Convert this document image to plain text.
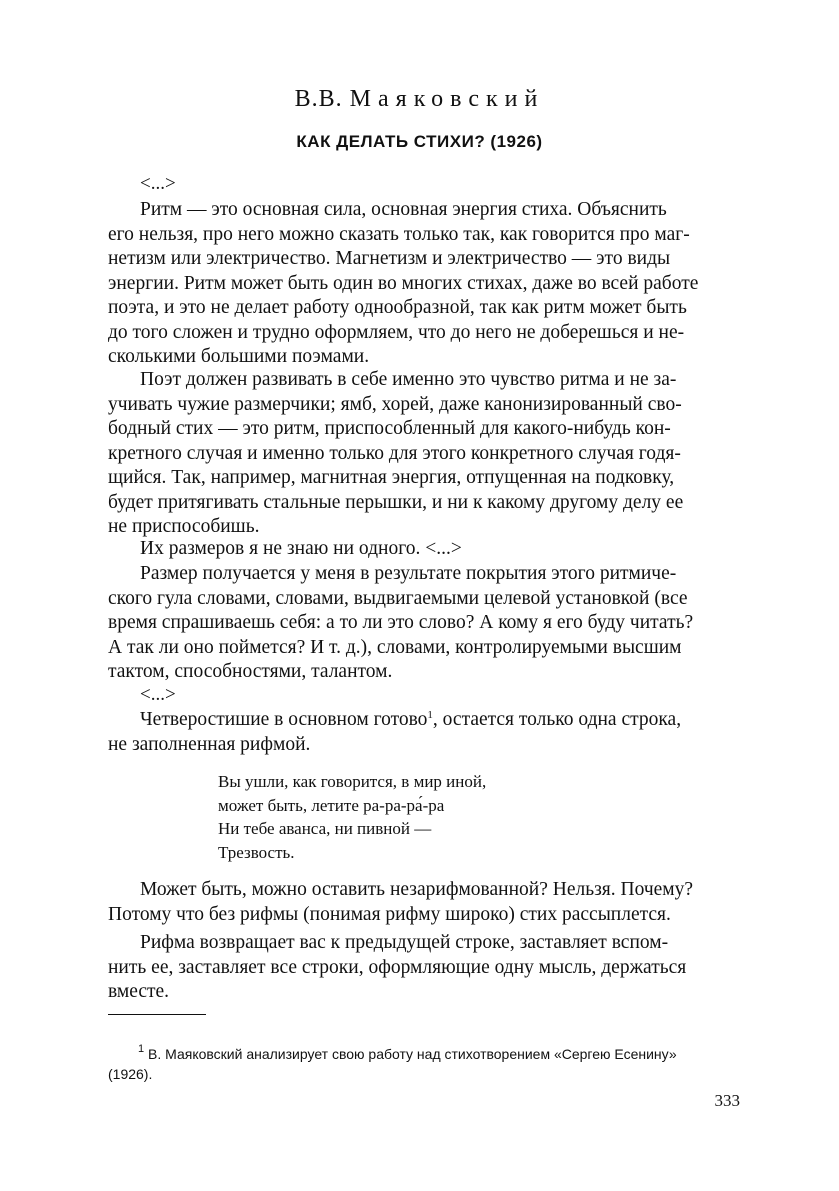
В.В. Маяковский
КАК ДЕЛАТЬ СТИХИ? (1926)
<...>
Ритм — это основная сила, основная энергия стиха. Объяснить
его нельзя, про него можно сказать только так, как говорится про маг-
нетизм или электричество. Магнетизм и электричество — это виды
энергии. Ритм может быть один во многих стихах, даже во всей работе
поэта, и это не делает работу однообразной, так как ритм может быть
до того сложен и трудно оформляем, что до него не доберешься и не-
сколькими большими поэмами.
Поэт должен развивать в себе именно это чувство ритма и не за-
учивать чужие размерчики; ямб, хорей, даже канонизированный сво-
бодный стих — это ритм, приспособленный для какого-нибудь кон-
кретного случая и именно только для этого конкретного случая годя-
щийся. Так, например, магнитная энергия, отпущенная на подковку,
будет притягивать стальные перышки, и ни к какому другому делу ее
не приспособишь.
Их размеров я не знаю ни одного. <...>
Размер получается у меня в результате покрытия этого ритмиче-
ского гула словами, словами, выдвигаемыми целевой установкой (все
время спрашиваешь себя: а то ли это слово? А кому я его буду читать?
А так ли оно поймется? И т. д.), словами, контролируемыми высшим
тактом, способностями, талантом.
<...>
Четверостишие в основном готово$^1$, остается только одна строка,
не заполненная рифмой.
Вы ушли, как говорится, в мир иной,
может быть, летите ра-ра-ра́-ра
Ни тебе аванса, ни пивной —
Трезвость.
Может быть, можно оставить незарифмованной? Нельзя. Почему?
Потому что без рифмы (понимая рифму широко) стих рассыплется.
Рифма возвращает вас к предыдущей строке, заставляет вспом-
нить ее, заставляет все строки, оформляющие одну мысль, держаться
вместе.
$^1$ В. Маяковский анализирует свою работу над стихотворением «Сергею Есенину»
(1926).
333
